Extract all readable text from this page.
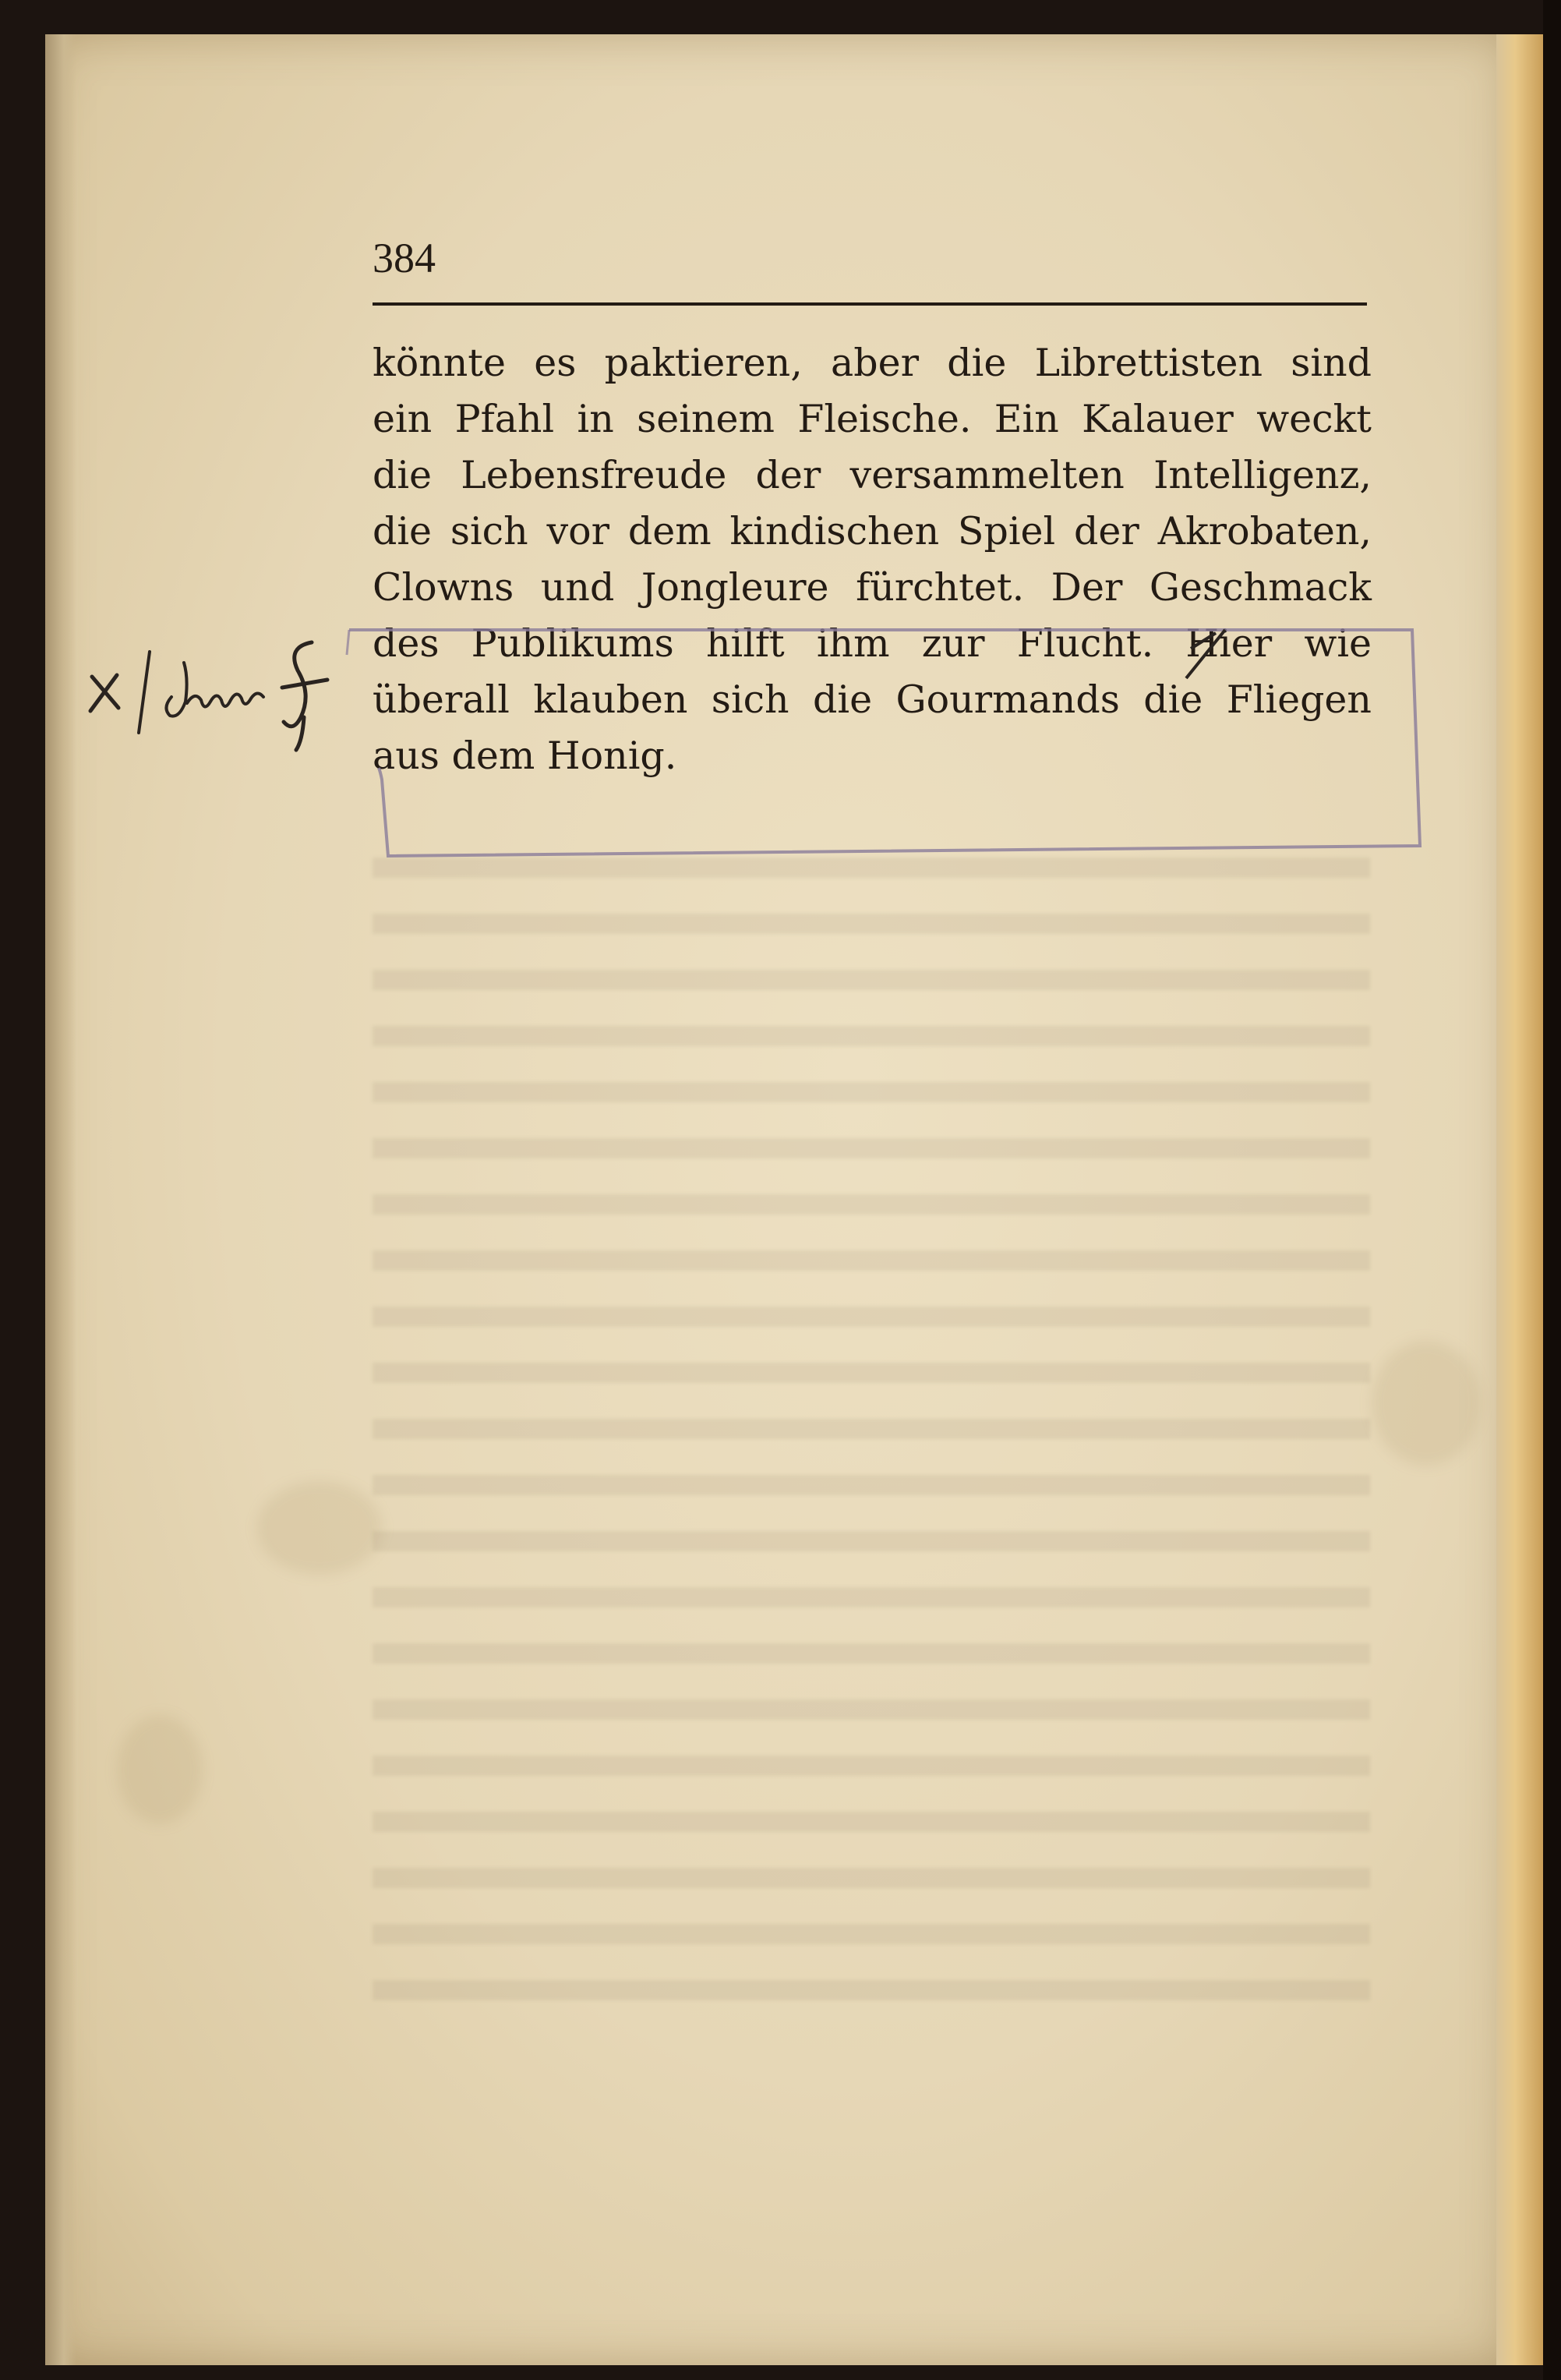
384
könnte es paktieren, aber die Librettisten sind
ein Pfahl in seinem Fleische. Ein Kalauer weckt
die Lebensfreude der versammelten Intelligenz,
die sich vor dem kindischen Spiel der Akrobaten,
Clowns und Jongleure fürchtet. Der Geschmack
des Publikums hilft ihm zur Flucht. Hier wie
überall klauben sich die Gourmands die Fliegen
aus dem Honig.
